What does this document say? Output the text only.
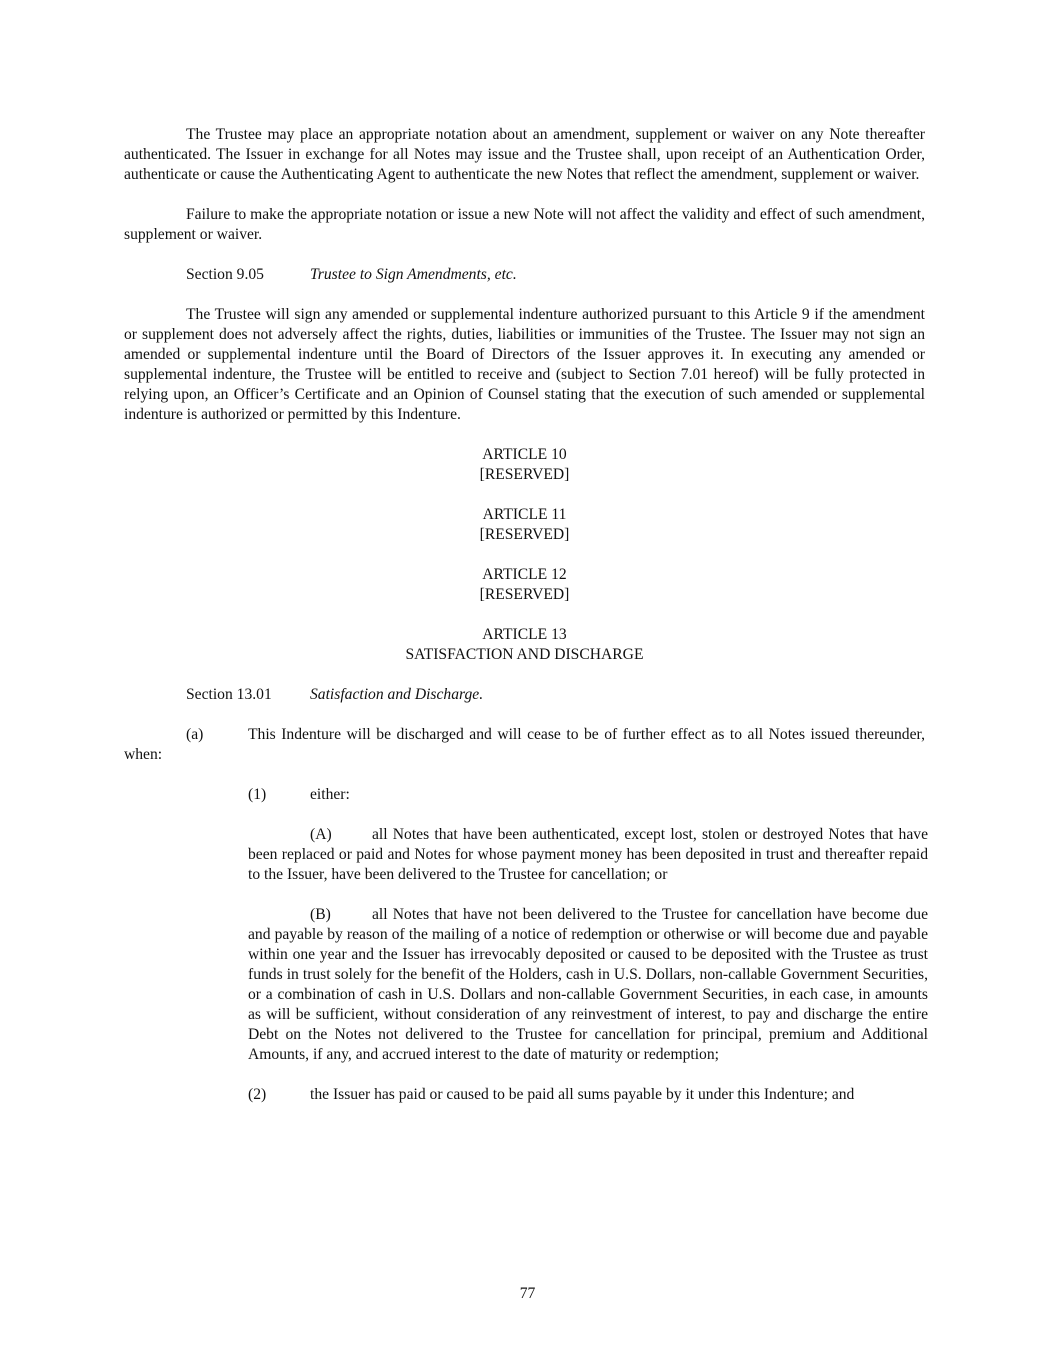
The Trustee may place an appropriate notation about an amendment, supplement or waiver on any Note thereafter authenticated. The Issuer in exchange for all Notes may issue and the Trustee shall, upon receipt of an Authentication Order, authenticate or cause the Authenticating Agent to authenticate the new Notes that reflect the amendment, supplement or waiver.

Failure to make the appropriate notation or issue a new Note will not affect the validity and effect of such amendment, supplement or waiver.

Section 9.05	Trustee to Sign Amendments, etc.

The Trustee will sign any amended or supplemental indenture authorized pursuant to this Article 9 if the amendment or supplement does not adversely affect the rights, duties, liabilities or immunities of the Trustee. The Issuer may not sign an amended or supplemental indenture until the Board of Directors of the Issuer approves it. In executing any amended or supplemental indenture, the Trustee will be entitled to receive and (subject to Section 7.01 hereof) will be fully protected in relying upon, an Officer’s Certificate and an Opinion of Counsel stating that the execution of such amended or supplemental indenture is authorized or permitted by this Indenture.

ARTICLE 10
[RESERVED]
ARTICLE 11
[RESERVED]
ARTICLE 12
[RESERVED]
ARTICLE 13
SATISFACTION AND DISCHARGE
Section 13.01 Satisfaction and Discharge.

(a)	This Indenture will be discharged and will cease to be of further effect as to all Notes issued thereunder, when:

(1)	either:

(A)	all Notes that have been authenticated, except lost, stolen or destroyed Notes that have been replaced or paid and Notes for whose payment money has been deposited in trust and thereafter repaid to the Issuer, have been delivered to the Trustee for cancellation; or

(B)	all Notes that have not been delivered to the Trustee for cancellation have become due and payable by reason of the mailing of a notice of redemption or otherwise or will become due and payable within one year and the Issuer has irrevocably deposited or caused to be deposited with the Trustee as trust funds in trust solely for the benefit of the Holders, cash in U.S. Dollars, non-callable Government Securities, or a combination of cash in U.S. Dollars and non-callable Government Securities, in each case, in amounts as will be sufficient, without consideration of any reinvestment of interest, to pay and discharge the entire Debt on the Notes not delivered to the Trustee for cancellation for principal, premium and Additional Amounts, if any, and accrued interest to the date of maturity or redemption;

(2)	the Issuer has paid or caused to be paid all sums payable by it under this Indenture; and
77
